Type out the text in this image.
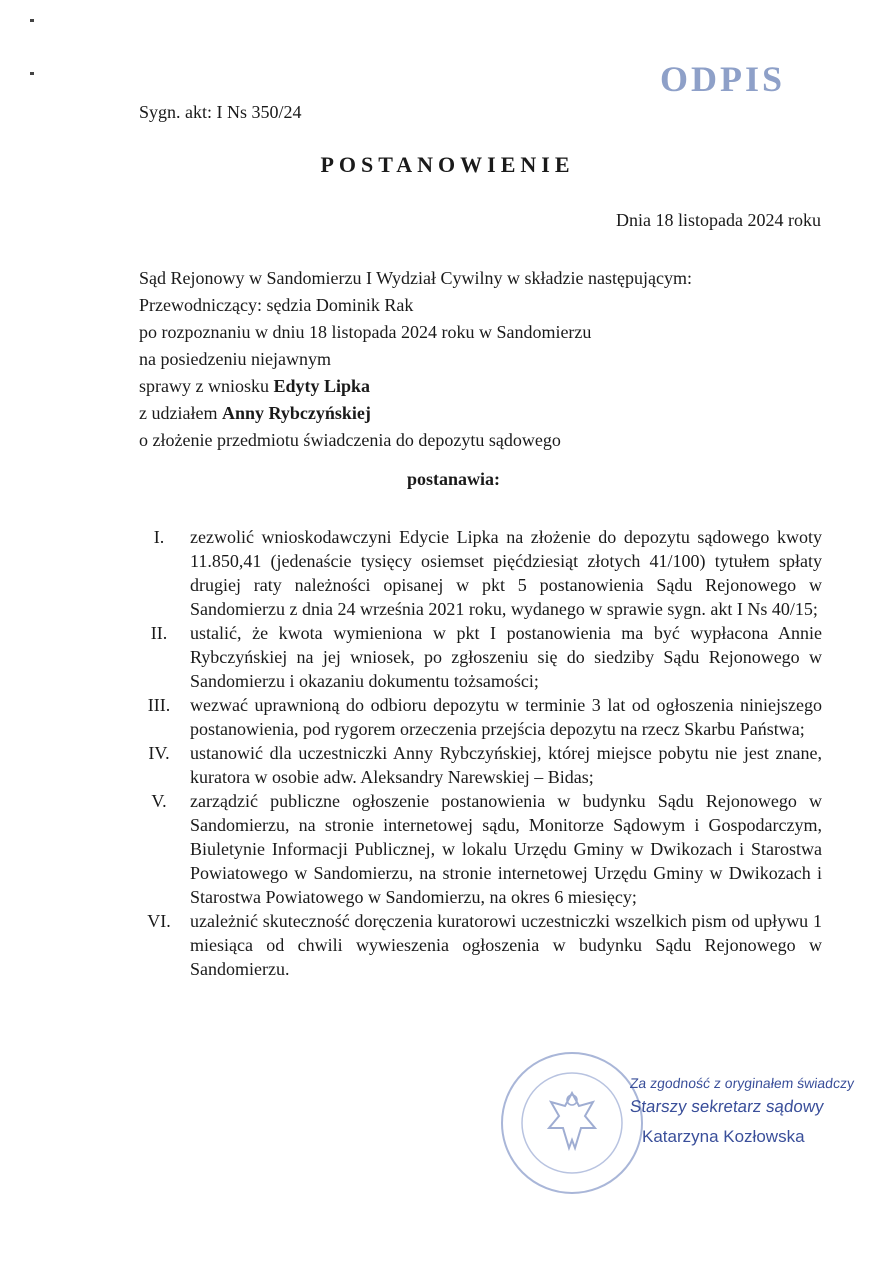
ODPIS
Sygn. akt: I Ns 350/24
POSTANOWIENIE
Dnia 18 listopada 2024 roku
Sąd Rejonowy w Sandomierzu I Wydział Cywilny w składzie następującym:
Przewodniczący: sędzia Dominik Rak
po rozpoznaniu w dniu 18 listopada 2024 roku w Sandomierzu
na posiedzeniu niejawnym
sprawy z wniosku Edyty Lipka
z udziałem Anny Rybczyńskiej
o złożenie przedmiotu świadczenia do depozytu sądowego
postanawia:
I.	zezwolić wnioskodawczyni Edycie Lipka na złożenie do depozytu sądowego kwoty 11.850,41 (jedenaście tysięcy osiemset pięćdziesiąt złotych 41/100) tytułem spłaty drugiej raty należności opisanej w pkt 5 postanowienia Sądu Rejonowego w Sandomierzu z dnia 24 września 2021 roku, wydanego w sprawie sygn. akt I Ns 40/15;
II.	ustalić, że kwota wymieniona w pkt I postanowienia ma być wypłacona Annie Rybczyńskiej na jej wniosek, po zgłoszeniu się do siedziby Sądu Rejonowego w Sandomierzu i okazaniu dokumentu tożsamości;
III.	wezwać uprawnioną do odbioru depozytu w terminie 3 lat od ogłoszenia niniejszego postanowienia, pod rygorem orzeczenia przejścia depozytu na rzecz Skarbu Państwa;
IV.	ustanowić dla uczestniczki Anny Rybczyńskiej, której miejsce pobytu nie jest znane, kuratora w osobie adw. Aleksandry Narewskiej – Bidas;
V.	zarządzić publiczne ogłoszenie postanowienia w budynku Sądu Rejonowego w Sandomierzu, na stronie internetowej sądu, Monitorze Sądowym i Gospodarczym, Biuletynie Informacji Publicznej, w lokalu Urzędu Gminy w Dwikozach i Starostwa Powiatowego w Sandomierzu, na stronie internetowej Urzędu Gminy w Dwikozach i Starostwa Powiatowego w Sandomierzu, na okres 6 miesięcy;
VI.	uzależnić skuteczność doręczenia kuratorowi uczestniczki wszelkich pism od upływu 1 miesiąca od chwili wywieszenia ogłoszenia w budynku Sądu Rejonowego w Sandomierzu.
Za zgodność z oryginałem świadczy
Starszy sekretarz sądowy
Katarzyna Kozłowska
